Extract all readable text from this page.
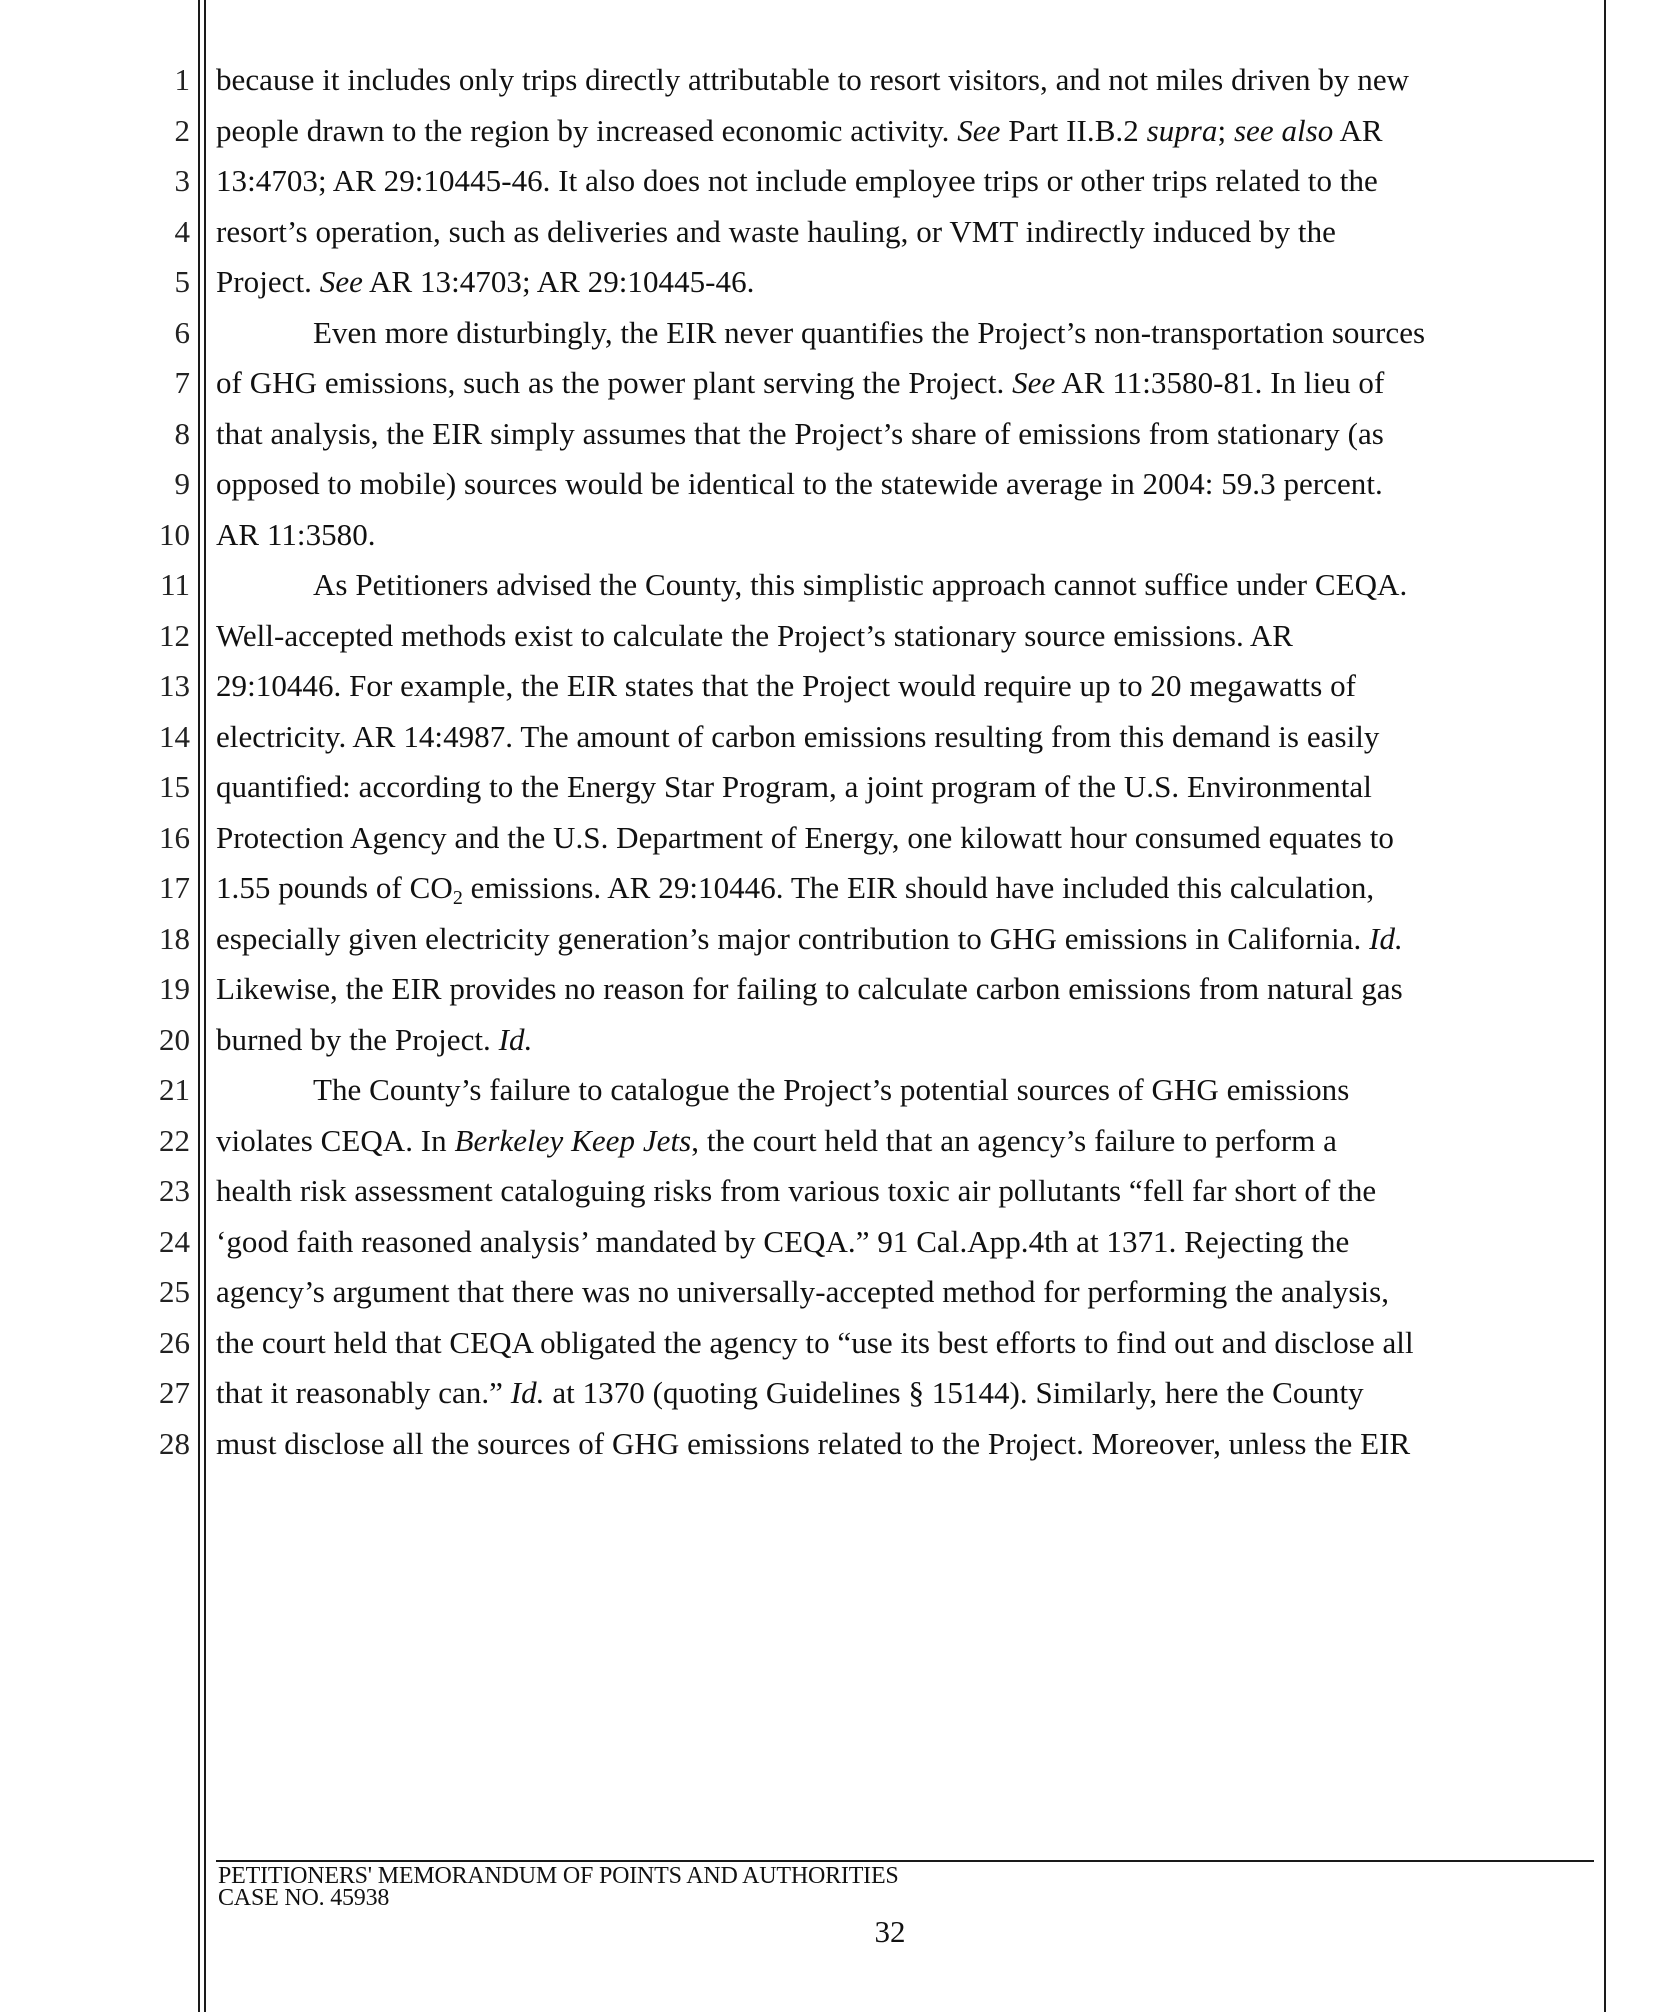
1
2
3
4
5
6
7
8
9
10
11
12
13
14
15
16
17
18
19
20
21
22
23
24
25
26
27
28
because it includes only trips directly attributable to resort visitors, and not miles driven by new
people drawn to the region by increased economic activity. See Part II.B.2 supra; see also AR
13:4703; AR 29:10445-46. It also does not include employee trips or other trips related to the
resort’s operation, such as deliveries and waste hauling, or VMT indirectly induced by the
Project. See AR 13:4703; AR 29:10445-46.
Even more disturbingly, the EIR never quantifies the Project’s non-transportation sources
of GHG emissions, such as the power plant serving the Project. See AR 11:3580-81. In lieu of
that analysis, the EIR simply assumes that the Project’s share of emissions from stationary (as
opposed to mobile) sources would be identical to the statewide average in 2004: 59.3 percent.
AR 11:3580.
As Petitioners advised the County, this simplistic approach cannot suffice under CEQA.
Well-accepted methods exist to calculate the Project’s stationary source emissions. AR
29:10446. For example, the EIR states that the Project would require up to 20 megawatts of
electricity. AR 14:4987. The amount of carbon emissions resulting from this demand is easily
quantified: according to the Energy Star Program, a joint program of the U.S. Environmental
Protection Agency and the U.S. Department of Energy, one kilowatt hour consumed equates to
1.55 pounds of $CO_2$ emissions. AR 29:10446. The EIR should have included this calculation,
especially given electricity generation’s major contribution to GHG emissions in California. Id.
Likewise, the EIR provides no reason for failing to calculate carbon emissions from natural gas
burned by the Project. Id.
The County’s failure to catalogue the Project’s potential sources of GHG emissions
violates CEQA. In Berkeley Keep Jets, the court held that an agency’s failure to perform a
health risk assessment cataloguing risks from various toxic air pollutants “fell far short of the
‘good faith reasoned analysis’ mandated by CEQA.” 91 Cal.App.4th at 1371. Rejecting the
agency’s argument that there was no universally-accepted method for performing the analysis,
the court held that CEQA obligated the agency to “use its best efforts to find out and disclose all
that it reasonably can.” Id. at 1370 (quoting Guidelines § 15144). Similarly, here the County
must disclose all the sources of GHG emissions related to the Project. Moreover, unless the EIR
PETITIONERS' MEMORANDUM OF POINTS AND AUTHORITIES
CASE NO. 45938
32
